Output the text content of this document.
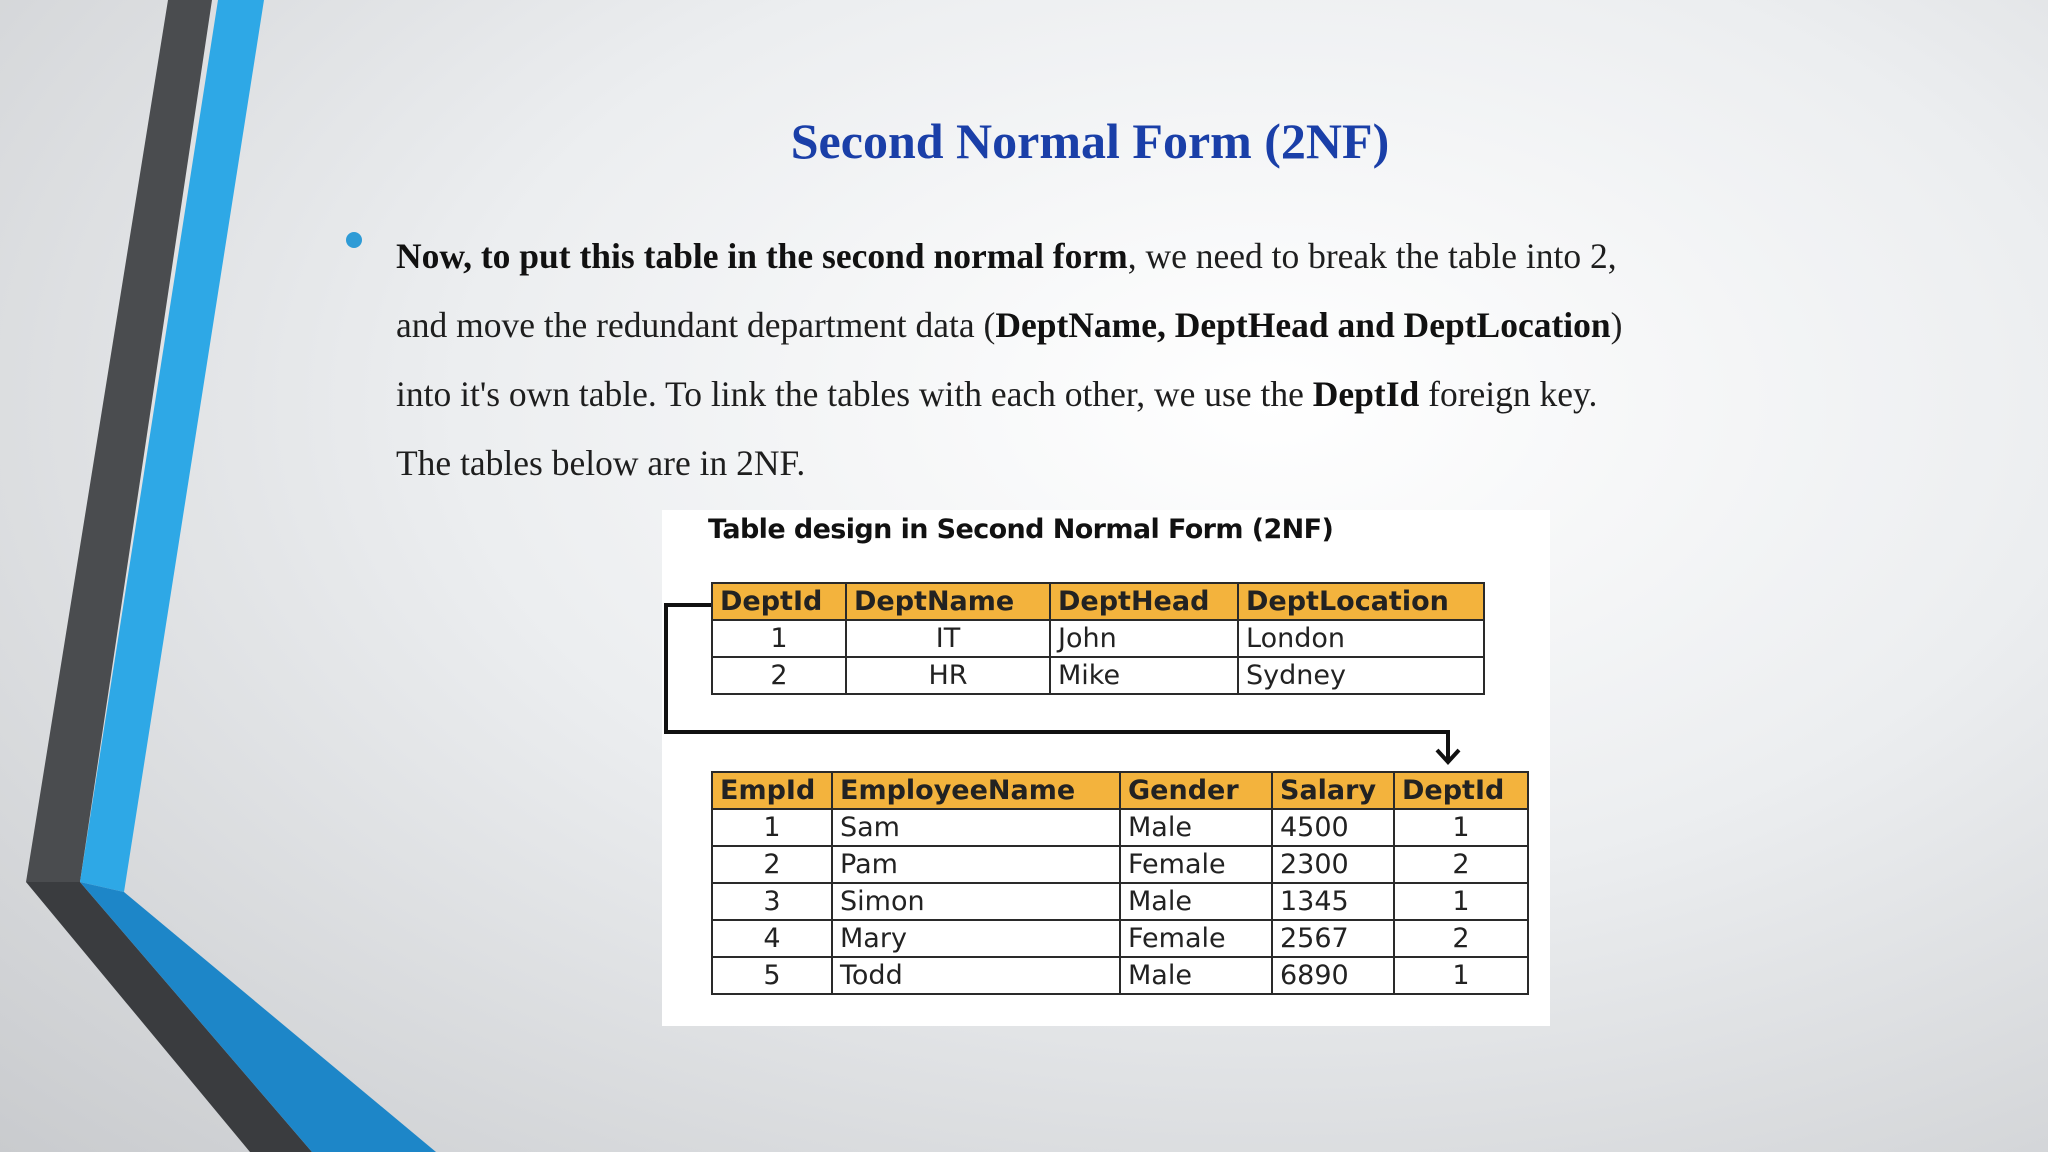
Second Normal Form (2NF)

Now, to put this table in the second normal form, we need to break the table into 2, and move the redundant department data (DeptName, DeptHead and DeptLocation) into it's own table. To link the tables with each other, we use the DeptId foreign key. The tables below are in 2NF.

Table design in Second Normal Form (2NF)
DeptId	DeptName	DeptHead	DeptLocation
1	IT	John	London
2	HR	Mike	Sydney
EmpId	EmployeeName	Gender	Salary	DeptId
1	Sam	Male	4500	1
2	Pam	Female	2300	2
3	Simon	Male	1345	1
4	Mary	Female	2567	2
5	Todd	Male	6890	1
